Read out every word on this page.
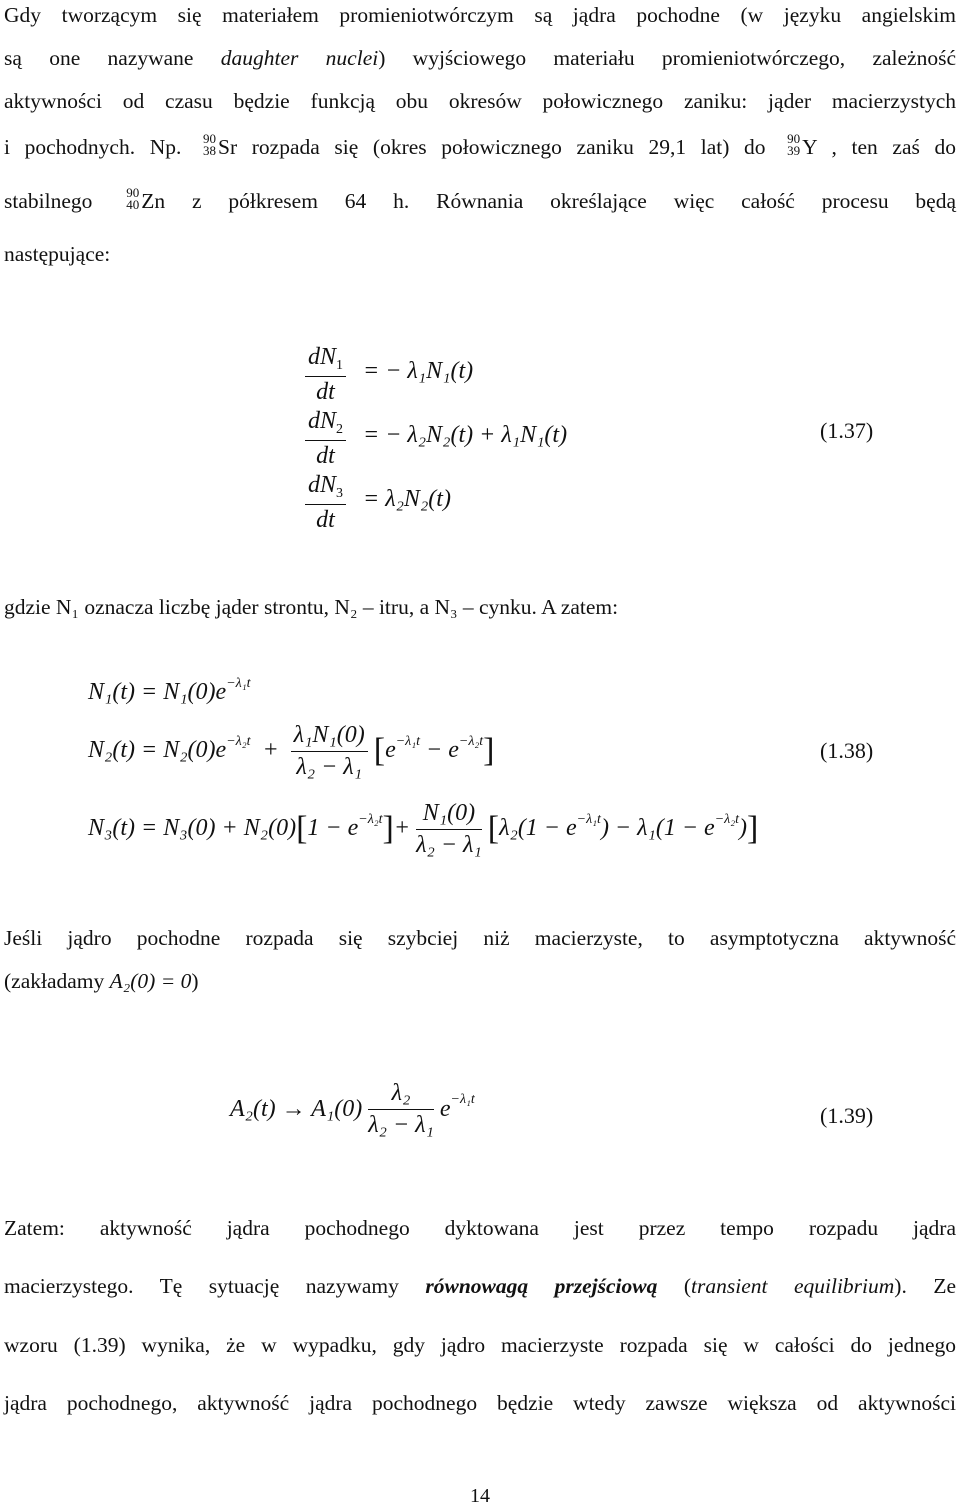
Gdy tworzącym się materiałem promieniotwórczym są jądra pochodne (w języku angielskim
są one nazywane daughter nuclei) wyjściowego materiału promieniotwórczego, zależność
aktywności od czasu będzie funkcją obu okresów połowicznego zaniku: jąder macierzystych
i pochodnych. Np. 90
38 Sr rozpada się (okres połowicznego zaniku 29,1 lat) do 90
39 Y , ten zaś do
stabilnego	90
40 Zn z półkresem 64 h. Równania określające więc całość procesu będą
następujące:
$\frac{dN_1}{dt}$ = − λ₁N₁(t)
$\frac{dN_2}{dt}$ = − λ₂N₂(t) + λ₁N₁(t)
$\frac{dN_3}{dt} = \lambda_2N_2(t)$
(1.37)
gdzie N₁ oznacza liczbę jąder strontu, N₂ – itru, a N₃ – cynku. A zatem:
$N_1(t) = N_1(0)e^{-\lambda_1t}$
$N_2(t) = N_2(0)e^{-\lambda_2t} + \frac{\text{λ₁N₁(0)}}{\text{λ₂ − λ₁}} [e^{-\lambda_1t} - e^{-\lambda_2t}]$
$N_3(t) = N_3(0) + N_2(0)[1 - e^{-\lambda_2t}]+ \frac{\text{N₁(0)}}{\text{λ₂ − λ₁}} [\lambda_2(1 - e^{-\lambda_1t}) - \lambda_1(1 - e^{-\lambda_2t})]$
(1.38)
Jeśli jądro pochodne rozpada się szybciej niż macierzyste, to asymptotyczna aktywność
(zakładamy A₂(0) = 0)
$A_2(t) \to A_1(0) \frac{\text{λ₂}}{\text{λ₂ − λ₁}} e^{-\lambda_1t}$
(1.39)
Zatem: aktywność jądra pochodnego dyktowana jest przez tempo rozpadu jądra
macierzystego. Tę sytuację nazywamy równowagą przejściową (transient equilibrium). Ze
wzoru (1.39) wynika, że w wypadku, gdy jądro macierzyste rozpada się w całości do jednego
jądra pochodnego, aktywność jądra pochodnego będzie wtedy zawsze większa od aktywności
14
